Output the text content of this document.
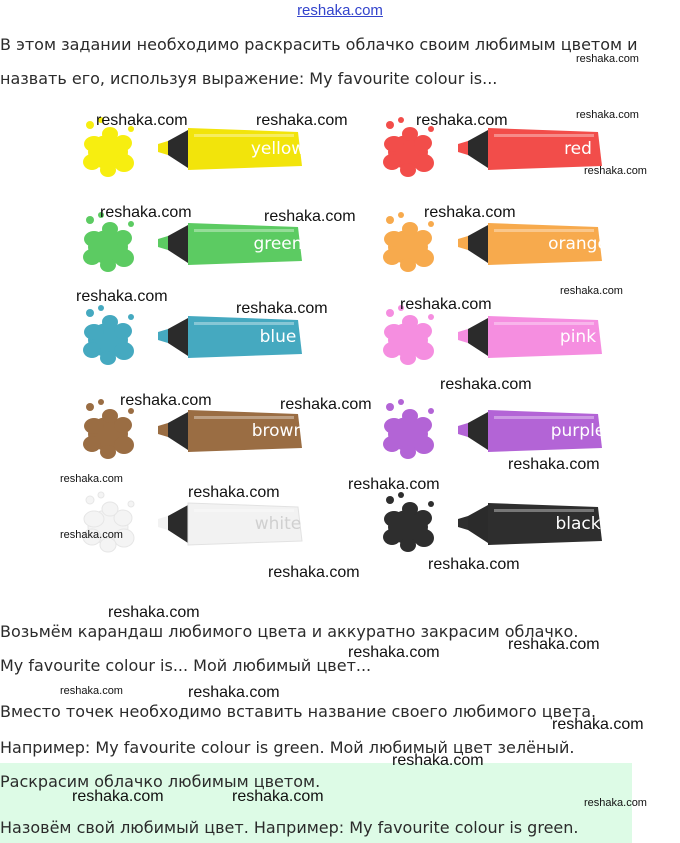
reshaka.com
В этом задании необходимо раскрасить облачко своим любимым цветом и
назвать его, используя выражение: My favourite colour is...
yellow	red
green	orange
blue	pink
brown	purple
white	black
Возьмём карандаш любимого цвета и аккуратно закрасим облачко.
My favourite colour is... Мой любимый цвет...
Вместо точек необходимо вставить название своего любимого цвета.
Например: My favourite colour is green. Мой любимый цвет зелёный.
Раскрасим облачко любимым цветом.
Назовём свой любимый цвет. Например: My favourite colour is green.
reshaka.com	reshaka.com	reshaka.com
reshaka.com
reshaka.com
reshaka.com
reshaka.com	reshaka.com	reshaka.com
reshaka.com	reshaka.com
reshaka.com	reshaka.com
reshaka.com
reshaka.com	reshaka.com
reshaka.com
reshaka.com	reshaka.com
reshaka.com
reshaka.com
reshaka.com
reshaka.com
reshaka.com
reshaka.com
reshaka.com
reshaka.com	reshaka.com
reshaka.com
reshaka.com
reshaka.com	reshaka.com	reshaka.com
